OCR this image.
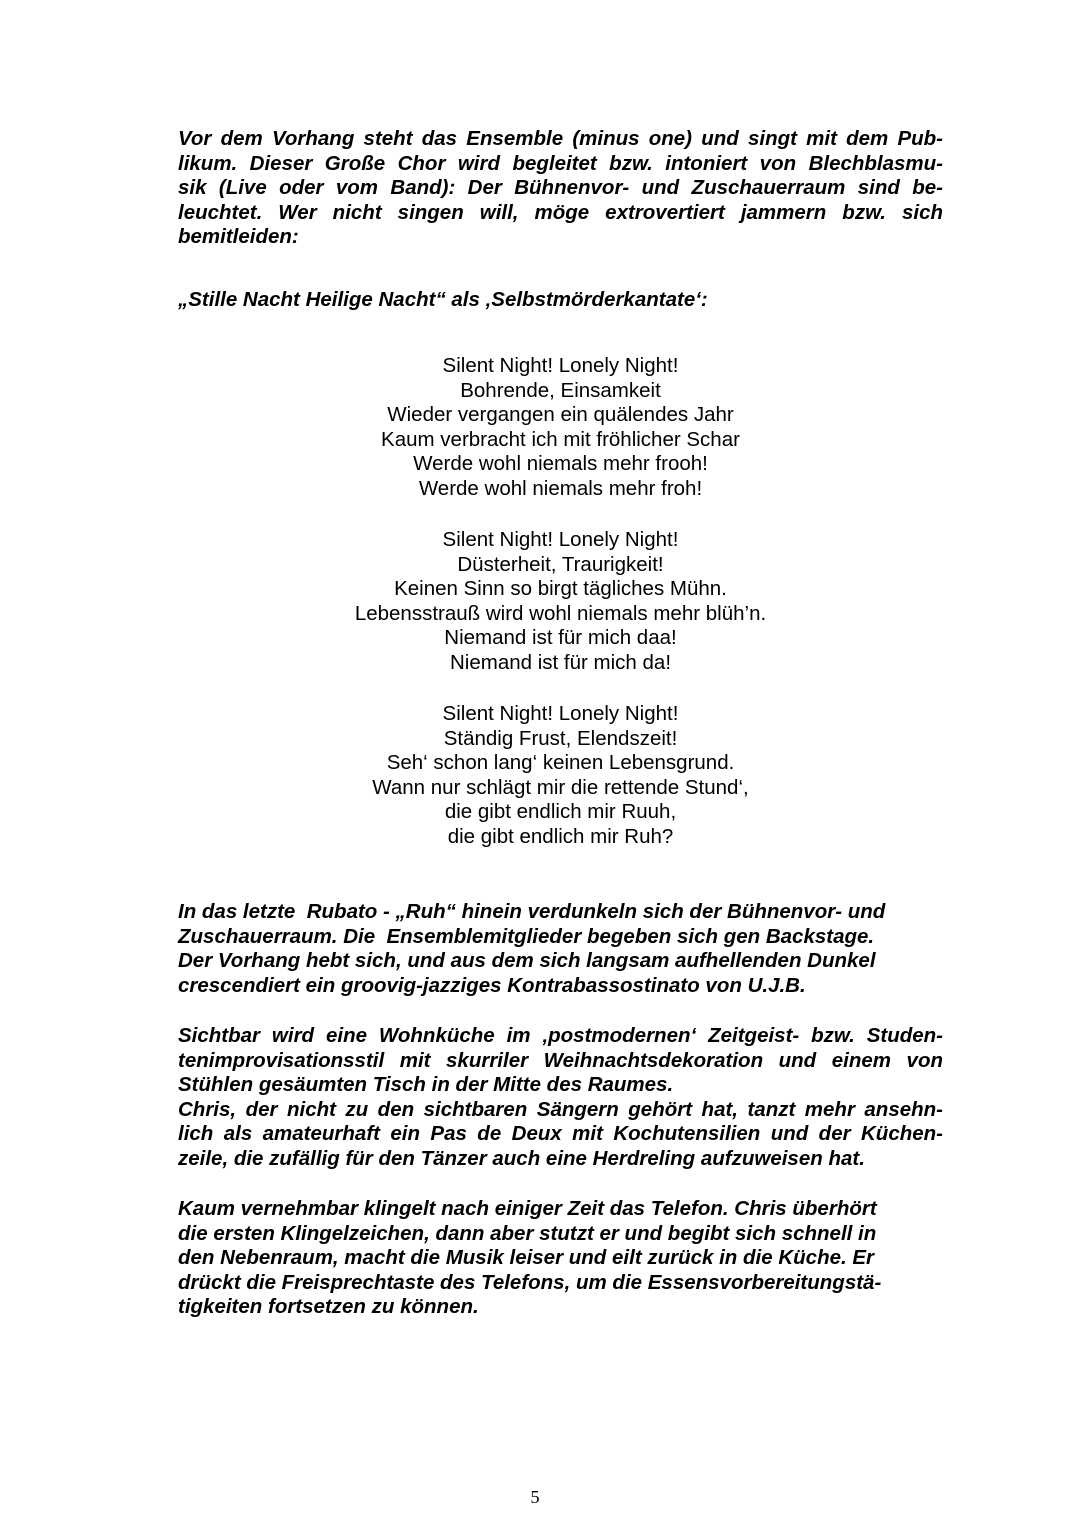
Vor dem Vorhang steht das Ensemble (minus one) und singt mit dem Pub-
likum. Dieser Große Chor wird begleitet bzw. intoniert von Blechblasmu-
sik (Live oder vom Band): Der Bühnenvor- und Zuschauerraum sind be-
leuchtet. Wer nicht singen will, möge extrovertiert jammern bzw. sich
bemitleiden:
„Stille Nacht Heilige Nacht“ als ‚Selbstmörderkantate‘:
Silent Night! Lonely Night!
Bohrende, Einsamkeit
Wieder vergangen ein quälendes Jahr
Kaum verbracht ich mit fröhlicher Schar
Werde wohl niemals mehr frooh!
Werde wohl niemals mehr froh!
Silent Night! Lonely Night!
Düsterheit, Traurigkeit!
Keinen Sinn so birgt tägliches Mühn.
Lebensstrauß wird wohl niemals mehr blüh’n.
Niemand ist für mich daa!
Niemand ist für mich da!
Silent Night! Lonely Night!
Ständig Frust, Elendszeit!
Seh‘ schon lang‘ keinen Lebensgrund.
Wann nur schlägt mir die rettende Stund‘,
die gibt endlich mir Ruuh,
die gibt endlich mir Ruh?
In das letzte  Rubato - „Ruh“ hinein verdunkeln sich der Bühnenvor- und
Zuschauerraum. Die  Ensemblemitglieder begeben sich gen Backstage.
Der Vorhang hebt sich, und aus dem sich langsam aufhellenden Dunkel
crescendiert ein groovig-jazziges Kontrabassostinato von U.J.B.
Sichtbar wird eine Wohnküche im ‚postmodernen‘ Zeitgeist- bzw. Studen-
tenimprovisationsstil mit skurriler Weihnachtsdekoration und einem von
Stühlen gesäumten Tisch in der Mitte des Raumes.
Chris, der nicht zu den sichtbaren Sängern gehört hat, tanzt mehr ansehn-
lich als amateurhaft ein Pas de Deux mit Kochutensilien und der Küchen-
zeile, die zufällig für den Tänzer auch eine Herdreling aufzuweisen hat.
Kaum vernehmbar klingelt nach einiger Zeit das Telefon. Chris überhört
die ersten Klingelzeichen, dann aber stutzt er und begibt sich schnell in
den Nebenraum, macht die Musik leiser und eilt zurück in die Küche. Er
drückt die Freisprechtaste des Telefons, um die Essensvorbereitungstä-
tigkeiten fortsetzen zu können.
5
